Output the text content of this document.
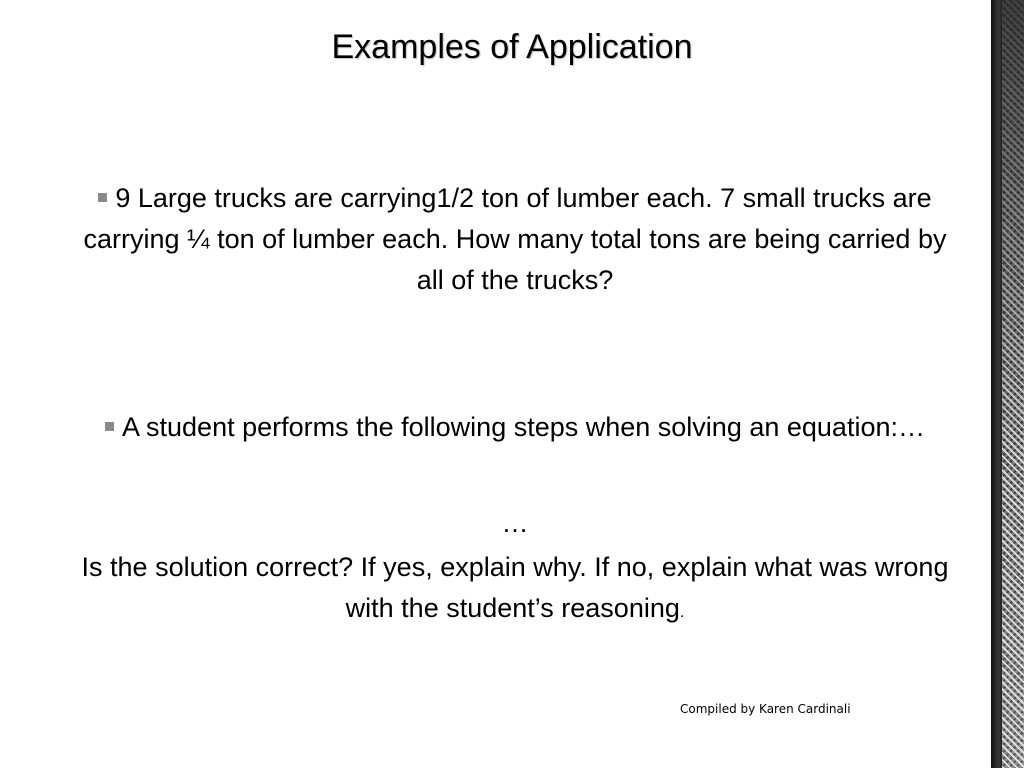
Examples of Application
9 Large trucks are carrying1/2 ton of lumber each. 7 small trucks are carrying ¼ ton of lumber each. How many total tons are being carried by all of the trucks?
A student performs the following steps when solving an equation:…
…
Is the solution correct? If yes, explain why. If no, explain what was wrong with the student’s reasoning.
Compiled by Karen Cardinali
